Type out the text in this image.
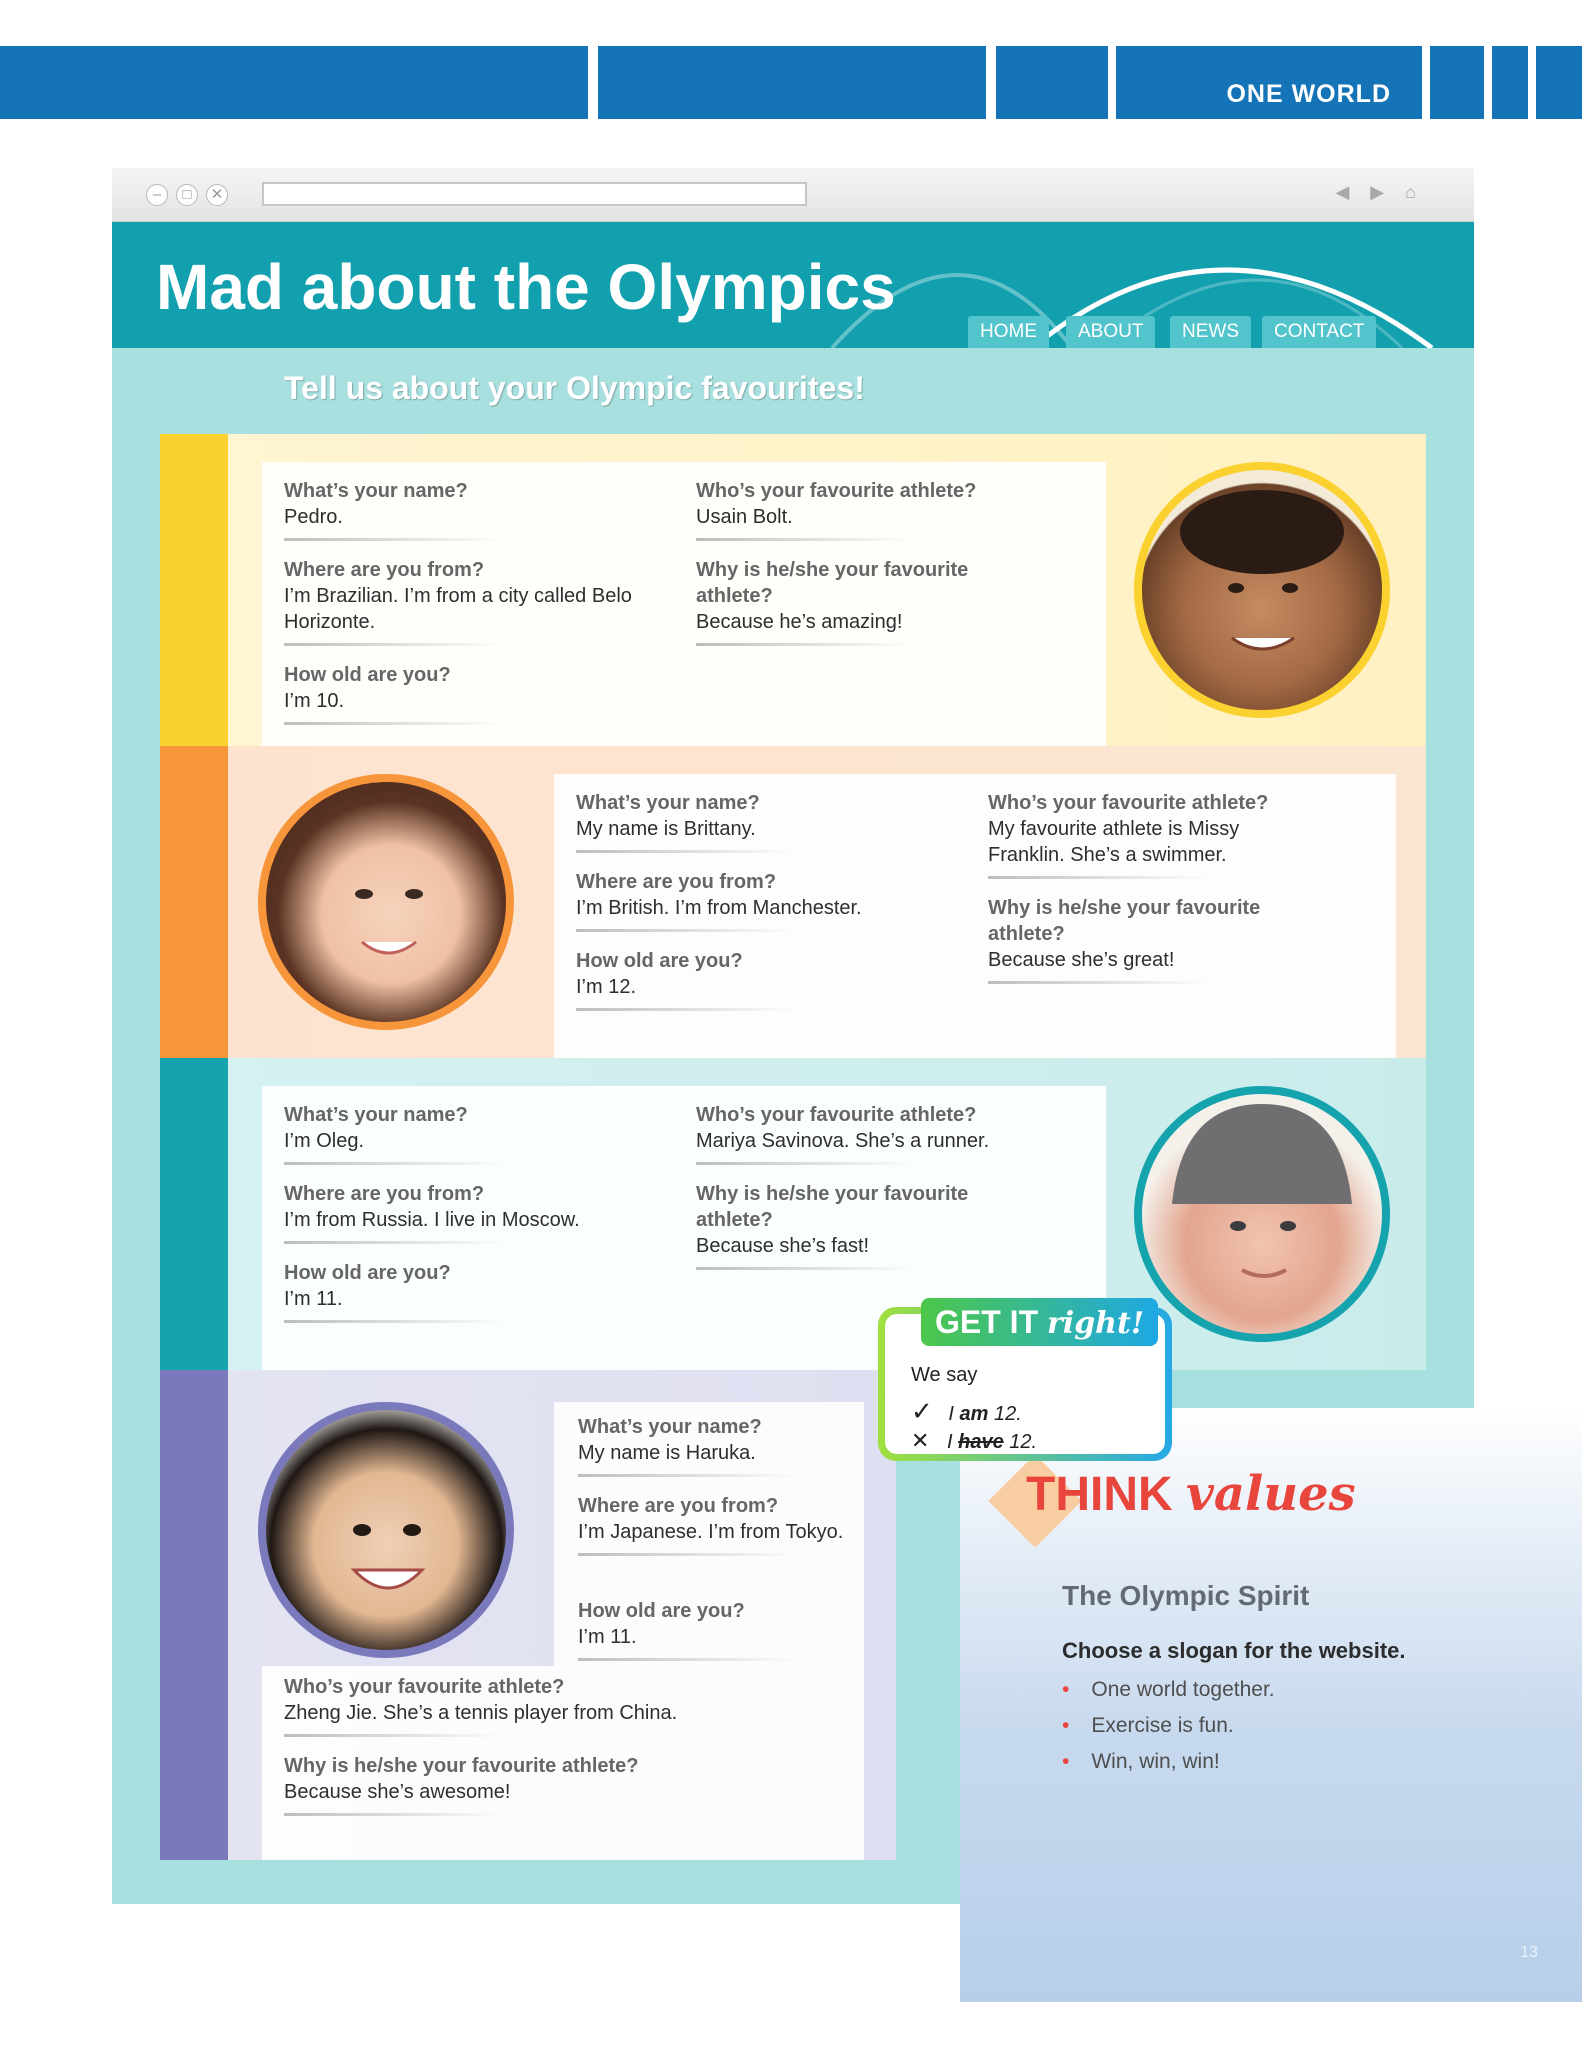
ONE WORLD
–	□	✕	◀ ▶ ⌂
Mad about the Olympics
HOME	ABOUT	NEWS	CONTACT
Tell us about your Olympic favourites!
What’s your name?
Pedro.
Where are you from?
I’m Brazilian. I’m from a city called Belo Horizonte.
How old are you?
I’m 10.
Who’s your favourite athlete?
Usain Bolt.
Why is he/she your favourite athlete?
Because he’s amazing!
What’s your name?
My name is Brittany.
Where are you from?
I’m British. I’m from Manchester.
How old are you?
I’m 12.
Who’s your favourite athlete?
My favourite athlete is Missy Franklin. She’s a swimmer.
Why is he/she your favourite athlete?
Because she’s great!
What’s your name?
I’m Oleg.
Where are you from?
I’m from Russia. I live in Moscow.
How old are you?
I’m 11.
Who’s your favourite athlete?
Mariya Savinova. She’s a runner.
Why is he/she your favourite athlete?
Because she’s fast!
What’s your name?
My name is Haruka.
Where are you from?
I’m Japanese. I’m from Tokyo.
How old are you?
I’m 11.
Who’s your favourite athlete?
Zheng Jie. She’s a tennis player from China.
Why is he/she your favourite athlete?
Because she’s awesome!
THINK values
The Olympic Spirit
Choose a slogan for the website.
• One world together.
• Exercise is fun.
• Win, win, win!
13
GET IT right!
We say
✓ I am 12.
✕ I have 12.
